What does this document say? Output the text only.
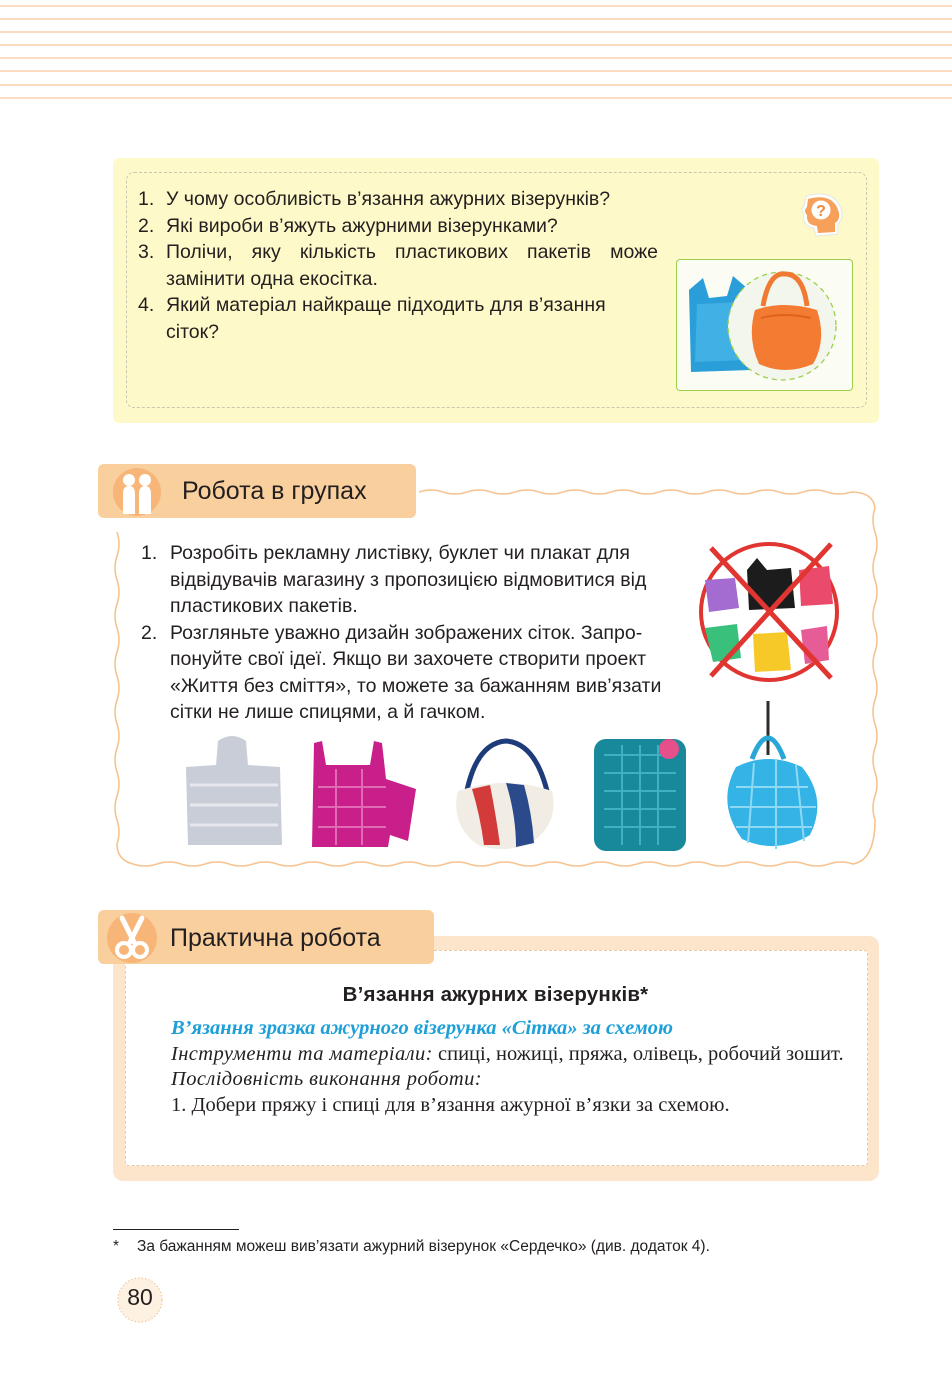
1. У чому особливість в’язання ажурних візерунків?
2. Які вироби в’яжуть ажурними візерунками?
3. Полічи, яку кількість пластикових пакетів може замінити одна екосітка.
4. Який матеріал найкраще підходить для в’язання сіток?
?
Робота в групах
1. Розробіть рекламну листівку, буклет чи плакат для відвідувачів магазину з пропозицією відмовитися від пластикових пакетів.
2. Розгляньте уважно дизайн зображених сіток. Запропонуйте свої ідеї. Якщо ви захочете створити проект «Життя без сміття», то можете за бажанням вив’язати сітки не лише спицями, а й гачком.
Практична робота
В’язання ажурних візерунків*

В’язання зразка ажурного візерунка «Сітка» за схемою

Інструменти та матеріали: спиці, ножиці, пряжа, олівець, робочий зошит.

Послідовність виконання роботи:

1. Добери пряжу і спиці для в’язання ажурної в’язки за схемою.

* За бажанням можеш вив’язати ажурний візерунок «Сердечко» (див. додаток 4).
80
